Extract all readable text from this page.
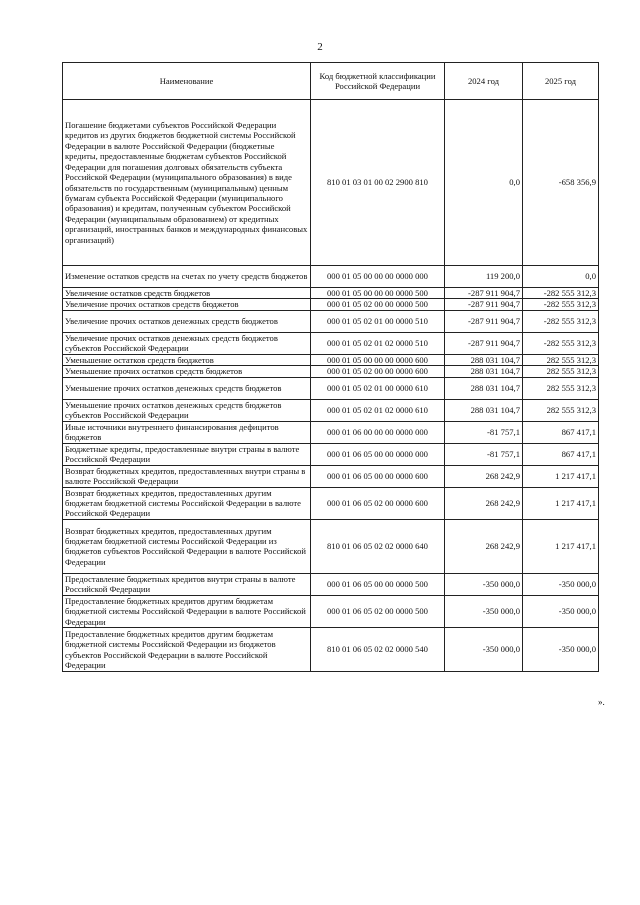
2
Наименование	Код бюджетной классификации Российской Федерации	2024 год	2025 год
Погашение бюджетами субъектов Российской Федерации кредитов из других бюджетов бюджетной системы Российской Федерации в валюте Российской Федерации (бюджетные кредиты, предоставленные бюджетам субъектов Российской Федерации для погашения долговых обязательств субъекта Российской Федерации (муниципального образования) в виде обязательств по государственным (муниципальным) ценным бумагам субъекта Российской Федерации (муниципального образования) и кредитам, полученным субъектом Российской Федерации (муниципальным образованием) от кредитных организаций, иностранных банков и международных финансовых организаций)	810 01 03 01 00 02 2900 810	0,0	-658 356,9
Изменение остатков средств на счетах по учету средств бюджетов	000 01 05 00 00 00 0000 000	119 200,0	0,0
Увеличение остатков средств бюджетов	000 01 05 00 00 00 0000 500	-287 911 904,7	-282 555 312,3
Увеличение прочих остатков средств бюджетов	000 01 05 02 00 00 0000 500	-287 911 904,7	-282 555 312,3
Увеличение прочих остатков денежных средств бюджетов	000 01 05 02 01 00 0000 510	-287 911 904,7	-282 555 312,3
Увеличение прочих остатков денежных средств бюджетов субъектов Российской Федерации	000 01 05 02 01 02 0000 510	-287 911 904,7	-282 555 312,3
Уменьшение остатков средств бюджетов	000 01 05 00 00 00 0000 600	288 031 104,7	282 555 312,3
Уменьшение прочих остатков средств бюджетов	000 01 05 02 00 00 0000 600	288 031 104,7	282 555 312,3
Уменьшение прочих остатков денежных средств бюджетов	000 01 05 02 01 00 0000 610	288 031 104,7	282 555 312,3
Уменьшение прочих остатков денежных средств бюджетов субъектов Российской Федерации	000 01 05 02 01 02 0000 610	288 031 104,7	282 555 312,3
Иные источники внутреннего финансирования дефицитов бюджетов	000 01 06 00 00 00 0000 000	-81 757,1	867 417,1
Бюджетные кредиты, предоставленные внутри страны в валюте Российской Федерации	000 01 06 05 00 00 0000 000	-81 757,1	867 417,1
Возврат бюджетных кредитов, предоставленных внутри страны в валюте Российской Федерации	000 01 06 05 00 00 0000 600	268 242,9	1 217 417,1
Возврат бюджетных кредитов, предоставленных другим бюджетам бюджетной системы Российской Федерации в валюте Российской Федерации	000 01 06 05 02 00 0000 600	268 242,9	1 217 417,1
Возврат бюджетных кредитов, предоставленных другим бюджетам бюджетной системы Российской Федерации из бюджетов субъектов Российской Федерации в валюте Российской Федерации	810 01 06 05 02 02 0000 640	268 242,9	1 217 417,1
Предоставление бюджетных кредитов внутри страны в валюте Российской Федерации	000 01 06 05 00 00 0000 500	-350 000,0	-350 000,0
Предоставление бюджетных кредитов другим бюджетам бюджетной системы Российской Федерации в валюте Российской Федерации	000 01 06 05 02 00 0000 500	-350 000,0	-350 000,0
Предоставление бюджетных кредитов другим бюджетам бюджетной системы Российской Федерации из бюджетов субъектов Российской Федерации в валюте Российской Федерации	810 01 06 05 02 02 0000 540	-350 000,0	-350 000,0
».
